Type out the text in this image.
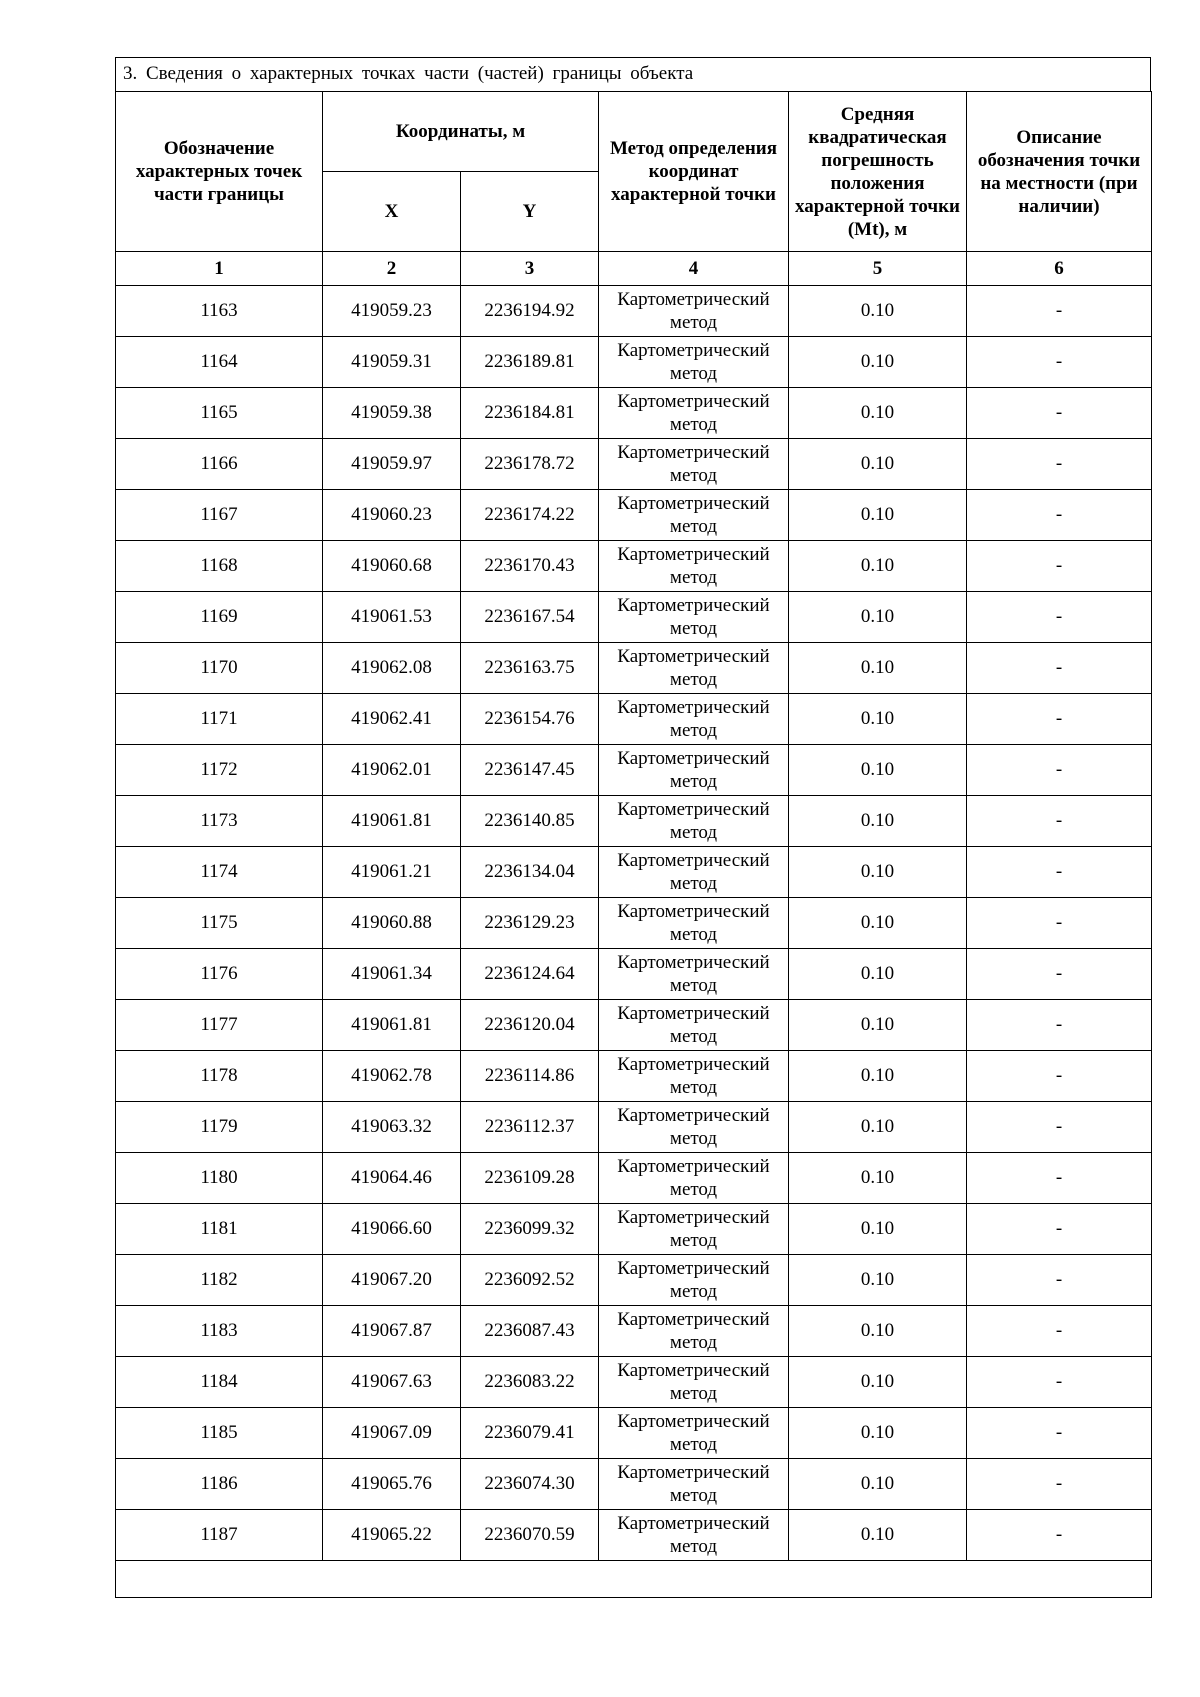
3. Сведения о характерных точках части (частей) границы объекта
Обозначение характерных точек части границы	Координаты, м		Метод определения координат характерной точки	Средняя квадратическая погрешность положения характерной точки (Mt), м	Описание обозначения точки на местности (при наличии)
	X	Y			
1	2	3	4	5	6
1163	419059.23	2236194.92	Картометрический метод	0.10	-
1164	419059.31	2236189.81	Картометрический метод	0.10	-
1165	419059.38	2236184.81	Картометрический метод	0.10	-
1166	419059.97	2236178.72	Картометрический метод	0.10	-
1167	419060.23	2236174.22	Картометрический метод	0.10	-
1168	419060.68	2236170.43	Картометрический метод	0.10	-
1169	419061.53	2236167.54	Картометрический метод	0.10	-
1170	419062.08	2236163.75	Картометрический метод	0.10	-
1171	419062.41	2236154.76	Картометрический метод	0.10	-
1172	419062.01	2236147.45	Картометрический метод	0.10	-
1173	419061.81	2236140.85	Картометрический метод	0.10	-
1174	419061.21	2236134.04	Картометрический метод	0.10	-
1175	419060.88	2236129.23	Картометрический метод	0.10	-
1176	419061.34	2236124.64	Картометрический метод	0.10	-
1177	419061.81	2236120.04	Картометрический метод	0.10	-
1178	419062.78	2236114.86	Картометрический метод	0.10	-
1179	419063.32	2236112.37	Картометрический метод	0.10	-
1180	419064.46	2236109.28	Картометрический метод	0.10	-
1181	419066.60	2236099.32	Картометрический метод	0.10	-
1182	419067.20	2236092.52	Картометрический метод	0.10	-
1183	419067.87	2236087.43	Картометрический метод	0.10	-
1184	419067.63	2236083.22	Картометрический метод	0.10	-
1185	419067.09	2236079.41	Картометрический метод	0.10	-
1186	419065.76	2236074.30	Картометрический метод	0.10	-
1187	419065.22	2236070.59	Картометрический метод	0.10	-
